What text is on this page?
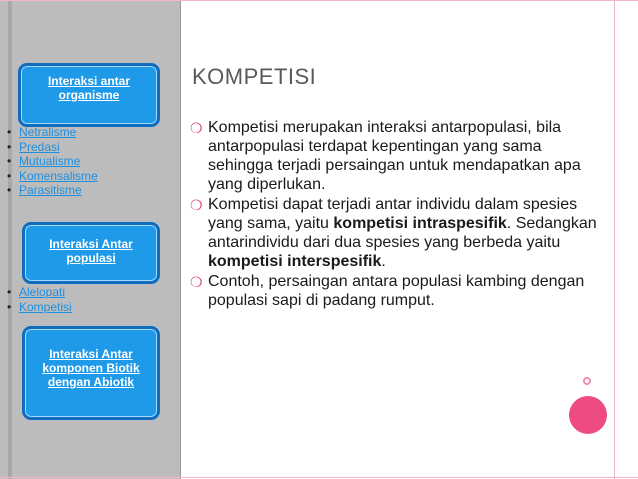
Interaksi antar
organisme
• Netralisme
• Predasi
• Mutualisme
• Komensalisme
• Parasitisme
Interaksi Antar
populasi
• Alelopati
• Kompetisi
Interaksi Antar
komponen Biotik
dengan Abiotik
KOMPETISI
❍ Kompetisi merupakan interaksi antarpopulasi, bila antarpopulasi terdapat kepentingan yang sama sehingga terjadi persaingan untuk mendapatkan apa yang diperlukan.
❍ Kompetisi dapat terjadi antar individu dalam spesies yang sama, yaitu kompetisi intraspesifik. Sedangkan antarindividu dari dua spesies yang berbeda yaitu kompetisi interspesifik.
❍ Contoh, persaingan antara populasi kambing dengan populasi sapi di padang rumput.
